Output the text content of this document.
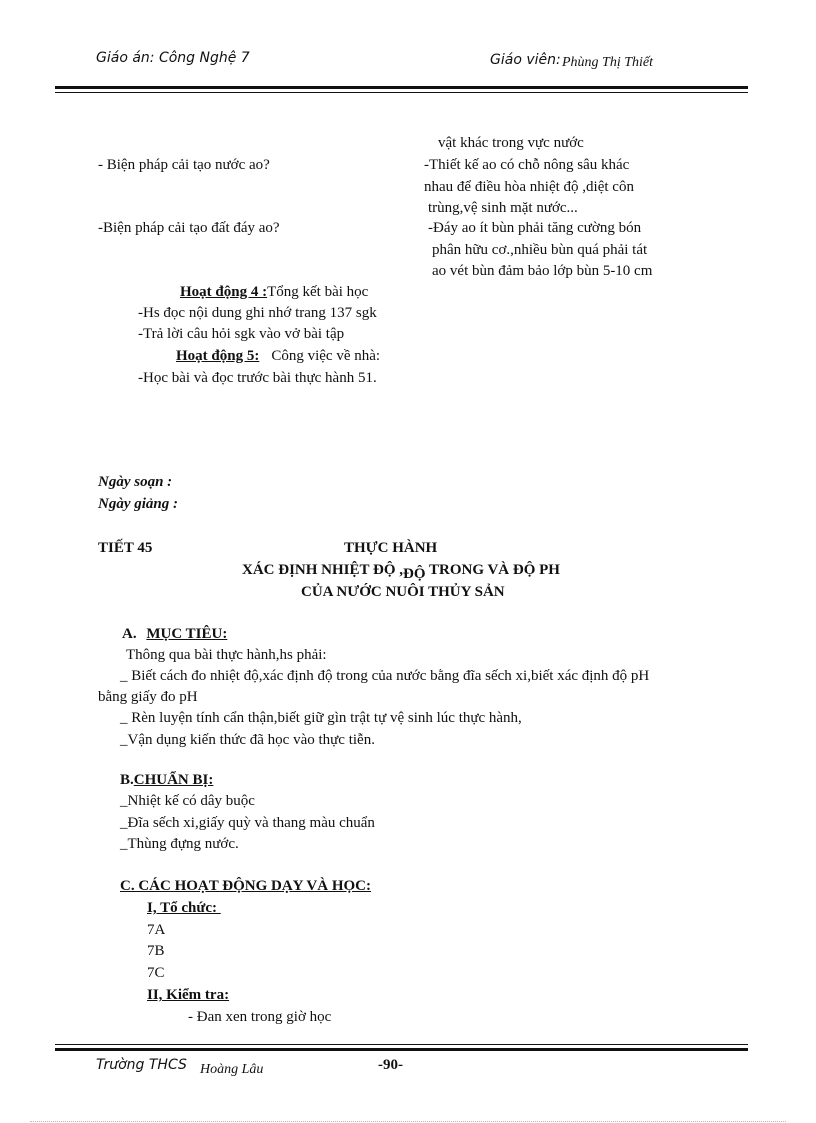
Giáo án: Công Nghệ 7	Giáo viên: Phùng Thị Thiết
vật khác trong vực nước
- Biện pháp cải tạo nước ao?	-Thiết kế ao có chỗ nông sâu khác
nhau để điều hòa nhiệt độ ,diệt côn
trùng,vệ sinh mặt nước...
-Biện pháp cải tạo đất đáy ao?	-Đáy ao ít bùn phải tăng cường bón
phân hữu cơ.,nhiều bùn quá phải tát
ao vét bùn đảm bảo lớp bùn 5-10 cm
Hoạt động 4 :Tổng kết bài học
-Hs đọc nội dung ghi nhớ trang 137 sgk
-Trả lời câu hỏi sgk vào vở bài tập
Hoạt động 5: Công việc về nhà:
-Học bài và đọc trước bài thực hành 51.
Ngày soạn :
Ngày giảng :
TIẾT 45	THỰC HÀNH
XÁC ĐỊNH NHIỆT ĐỘ ,ĐỘ TRONG VÀ ĐỘ PH
CỦA NƯỚC NUÔI THỦY SẢN
A. MỤC TIÊU:
Thông qua bài thực hành,hs phải:
_ Biết cách đo nhiệt độ,xác định độ trong của nước bằng đĩa sếch xi,biết xác định độ pH
bằng giấy đo pH
_ Rèn luyện tính cẩn thận,biết giữ gìn trật tự vệ sinh lúc thực hành,
_Vận dụng kiến thức đã học vào thực tiễn.
B.CHUẨN BỊ:
_Nhiệt kế có dây buộc
_Đĩa sếch xi,giấy quỳ và thang màu chuẩn
_Thùng đựng nước.
C. CÁC HOẠT ĐỘNG DẠY VÀ HỌC:
I, Tổ chức:
7A
7B
7C
II, Kiểm tra:
- Đan xen trong giờ học
Trường THCS Hoàng Lâu	-90-
